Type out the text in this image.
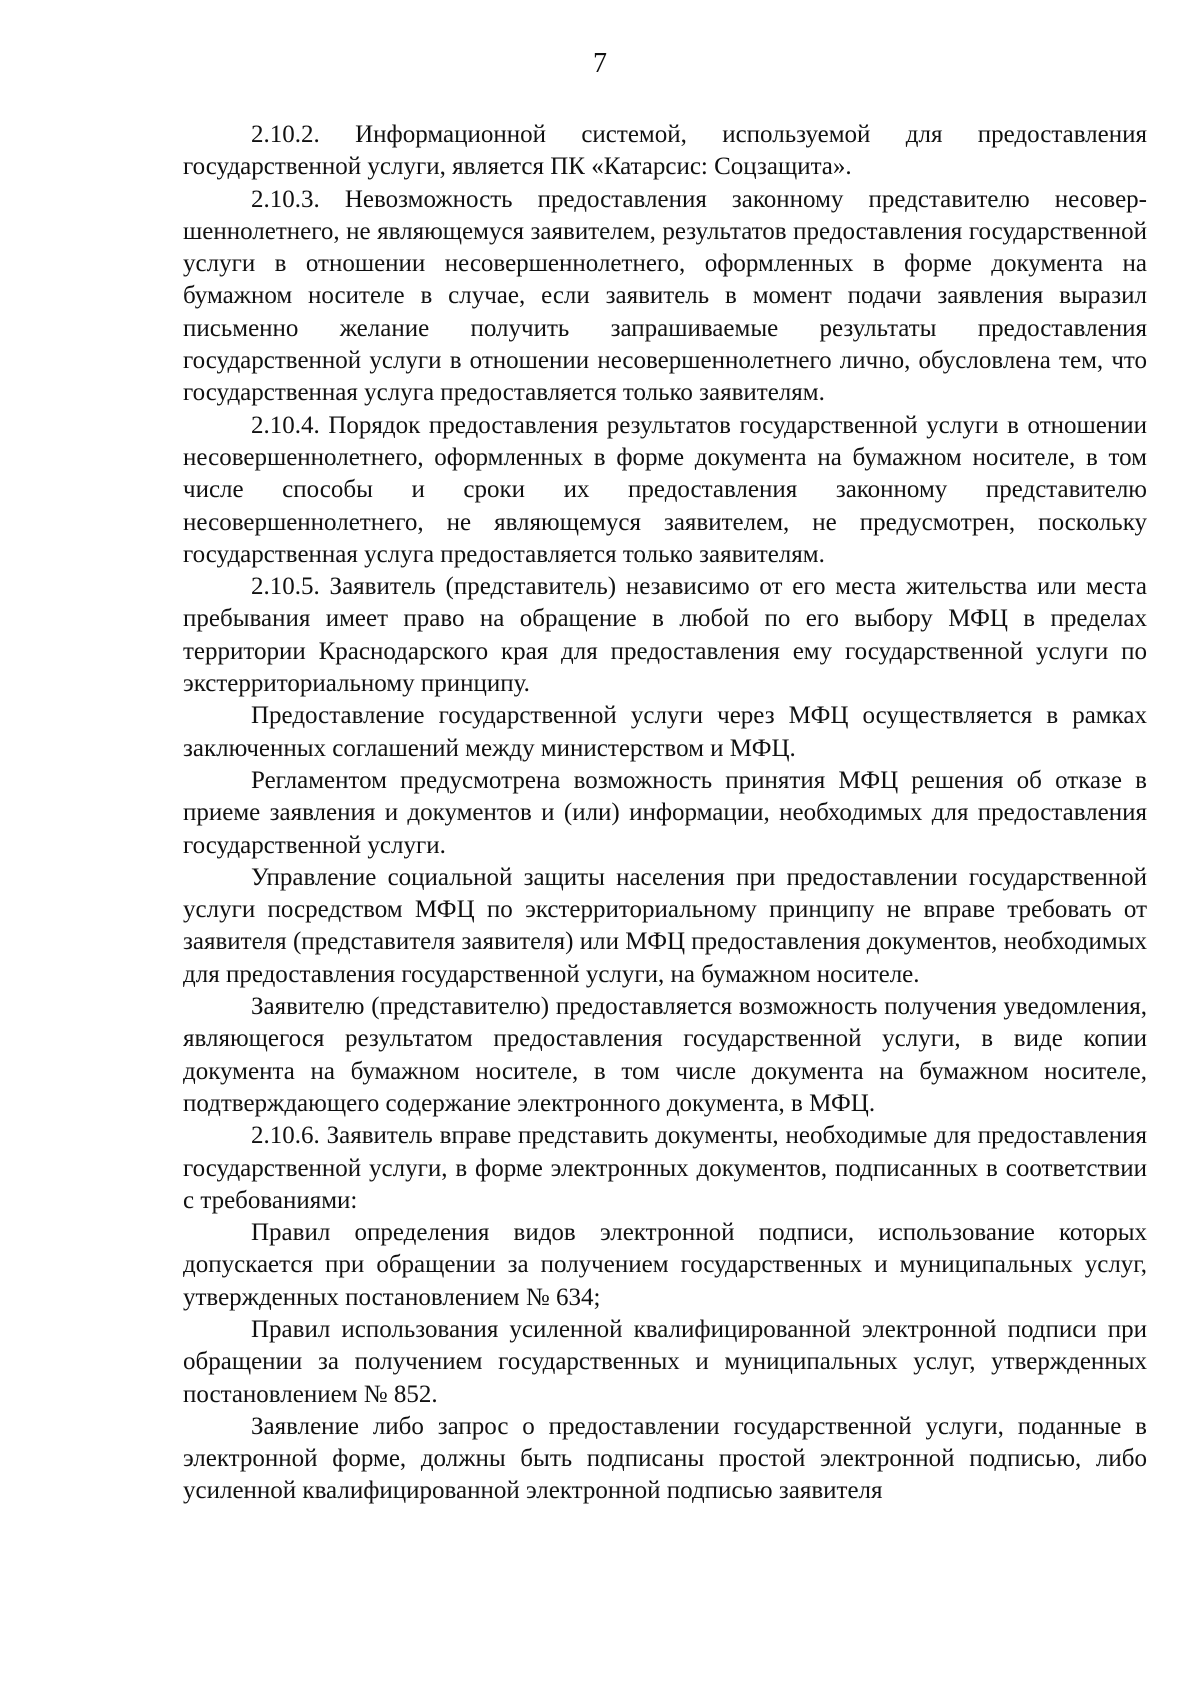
7

2.10.2. Информационной системой, используемой для предоставления государственной услуги, является ПК «Катарсис: Соцзащита».

2.10.3. Невозможность предоставления законному представителю несовершеннолетнего, не являющемуся заявителем, результатов предоставления государственной услуги в отношении несовершеннолетнего, оформленных в форме документа на бумажном носителе в случае, если заявитель в момент подачи заявления выразил письменно желание получить запрашиваемые результаты предоставления государственной услуги в отношении несовершеннолетнего лично, обусловлена тем, что государственная услуга предоставляется только заявителям.

2.10.4. Порядок предоставления результатов государственной услуги в отношении несовершеннолетнего, оформленных в форме документа на бумажном носителе, в том числе способы и сроки их предоставления законному представителю несовершеннолетнего, не являющемуся заявителем, не предусмотрен, поскольку государственная услуга предоставляется только заявителям.

2.10.5. Заявитель (представитель) независимо от его места жительства или места пребывания имеет право на обращение в любой по его выбору МФЦ в пределах территории Краснодарского края для предоставления ему государственной услуги по экстерриториальному принципу.

Предоставление государственной услуги через МФЦ осуществляется в рамках заключенных соглашений между министерством и МФЦ.

Регламентом предусмотрена возможность принятия МФЦ решения об отказе в приеме заявления и документов и (или) информации, необходимых для предоставления государственной услуги.

Управление социальной защиты населения при предоставлении государственной услуги посредством МФЦ по экстерриториальному принципу не вправе требовать от заявителя (представителя заявителя) или МФЦ предоставления документов, необходимых для предоставления государственной услуги, на бумажном носителе.

Заявителю (представителю) предоставляется возможность получения уведомления, являющегося результатом предоставления государственной услуги, в виде копии документа на бумажном носителе, в том числе документа на бумажном носителе, подтверждающего содержание электронного документа, в МФЦ.

2.10.6. Заявитель вправе представить документы, необходимые для предоставления государственной услуги, в форме электронных документов, подписанных в соответствии с требованиями:

Правил определения видов электронной подписи, использование которых допускается при обращении за получением государственных и муниципальных услуг, утвержденных постановлением № 634;

Правил использования усиленной квалифицированной электронной подписи при обращении за получением государственных и муниципальных услуг, утвержденных постановлением № 852.

Заявление либо запрос о предоставлении государственной услуги, поданные в электронной форме, должны быть подписаны простой электронной подписью, либо усиленной квалифицированной электронной подписью заявителя
